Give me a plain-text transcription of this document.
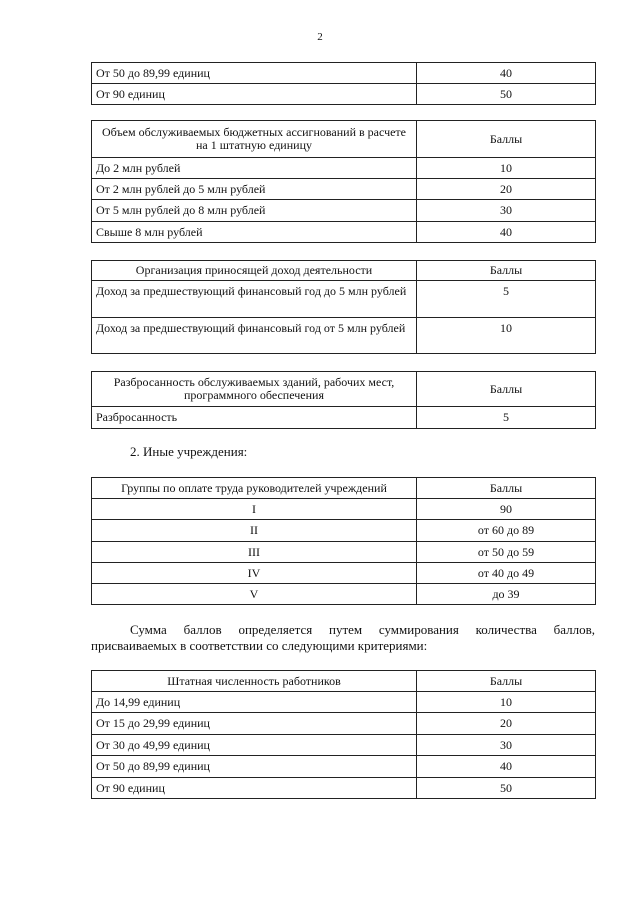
2
От 50 до 89,99 единиц	40
От 90 единиц	50
Объем обслуживаемых бюджетных ассигнований в расчете на 1 штатную единицу	Баллы
До 2 млн рублей	10
От 2 млн рублей до 5 млн рублей	20
От 5 млн рублей до 8 млн рублей	30
Свыше 8 млн рублей	40
Организация приносящей доход деятельности	Баллы
Доход за предшествующий финансовый год до 5 млн рублей	5
Доход за предшествующий финансовый год от 5 млн рублей	10
Разбросанность обслуживаемых зданий, рабочих мест, программного обеспечения	Баллы
Разбросанность	5
2. Иные учреждения:
Группы по оплате труда руководителей учреждений	Баллы
I	90
II	от 60 до 89
III	от 50 до 59
IV	от 40 до 49
V	до 39
Сумма баллов определяется путем суммирования количества баллов,
присваиваемых в соответствии со следующими критериями:
Штатная численность работников	Баллы
До 14,99 единиц	10
От 15 до 29,99 единиц	20
От 30 до 49,99 единиц	30
От 50 до 89,99 единиц	40
От 90 единиц	50
